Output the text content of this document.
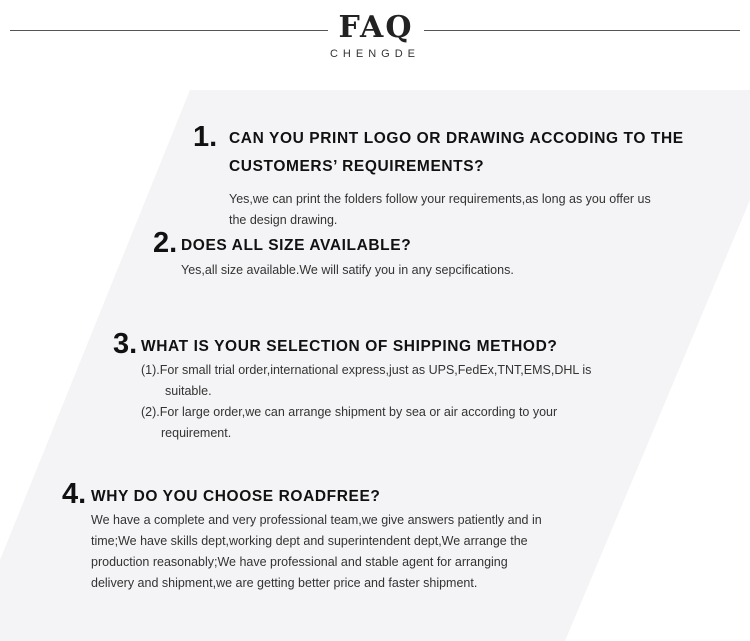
FAQ
CHENGDE
1. CAN YOU PRINT LOGO OR DRAWING ACCODING TO THE
CUSTOMERS’ REQUIREMENTS?
Yes,we can print the folders follow your requirements,as long as you offer us
the design drawing.
2. DOES ALL SIZE AVAILABLE?
Yes,all size available.We will satify you in any sepcifications.
3. WHAT IS YOUR SELECTION OF SHIPPING METHOD?
(1).For small trial order,international express,just as UPS,FedEx,TNT,EMS,DHL is
suitable.
(2).For large order,we can arrange shipment by sea or air according to your
requirement.
4. WHY DO YOU CHOOSE ROADFREE?
We have a complete and very professional team,we give answers patiently and in
time;We have skills dept,working dept and superintendent dept,We arrange the
production reasonably;We have professional and stable agent for arranging
delivery and shipment,we are getting better price and faster shipment.
